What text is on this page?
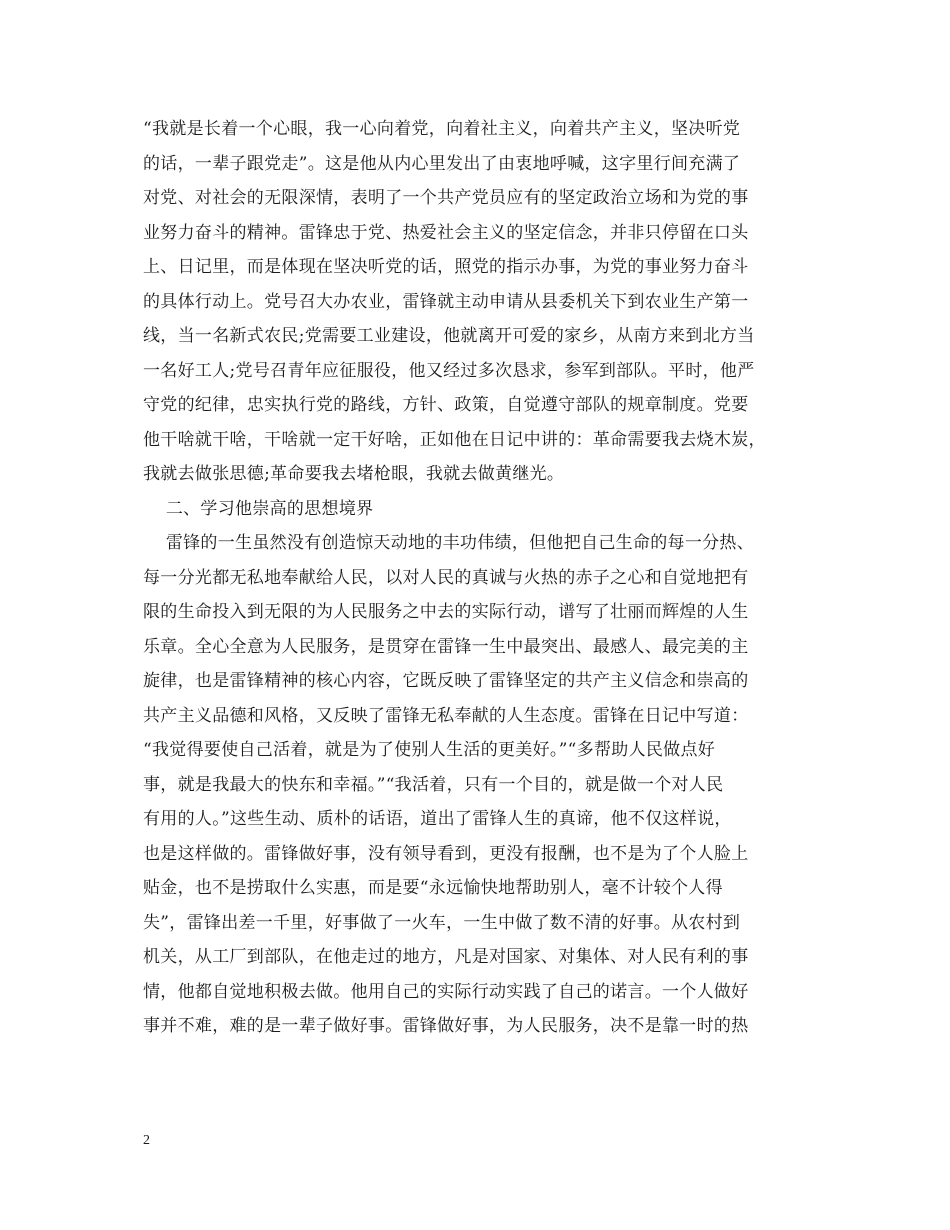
“我就是长着一个心眼，我一心向着党，向着社主义，向着共产主义，坚决听党
的话，一辈子跟党走”。这是他从内心里发出了由衷地呼喊，这字里行间充满了
对党、对社会的无限深情，表明了一个共产党员应有的坚定政治立场和为党的事
业努力奋斗的精神。雷锋忠于党、热爱社会主义的坚定信念，并非只停留在口头
上、日记里，而是体现在坚决听党的话，照党的指示办事，为党的事业努力奋斗
的具体行动上。党号召大办农业，雷锋就主动申请从县委机关下到农业生产第一
线，当一名新式农民;党需要工业建设，他就离开可爱的家乡，从南方来到北方当
一名好工人;党号召青年应征服役，他又经过多次恳求，参军到部队。平时，他严
守党的纪律，忠实执行党的路线，方针、政策，自觉遵守部队的规章制度。党要
他干啥就干啥，干啥就一定干好啥，正如他在日记中讲的：革命需要我去烧木炭，
我就去做张思德;革命要我去堵枪眼，我就去做黄继光。
二、学习他崇高的思想境界
雷锋的一生虽然没有创造惊天动地的丰功伟绩，但他把自己生命的每一分热、
每一分光都无私地奉献给人民，以对人民的真诚与火热的赤子之心和自觉地把有
限的生命投入到无限的为人民服务之中去的实际行动，谱写了壮丽而辉煌的人生
乐章。全心全意为人民服务，是贯穿在雷锋一生中最突出、最感人、最完美的主
旋律，也是雷锋精神的核心内容，它既反映了雷锋坚定的共产主义信念和崇高的
共产主义品德和风格，又反映了雷锋无私奉献的人生态度。雷锋在日记中写道：
“我觉得要使自己活着，就是为了使别人生活的更美好。”“多帮助人民做点好
事，就是我最大的快东和幸福。”“我活着，只有一个目的，就是做一个对人民
有用的人。”这些生动、质朴的话语，道出了雷锋人生的真谛，他不仅这样说，
也是这样做的。雷锋做好事，没有领导看到，更没有报酬，也不是为了个人脸上
贴金，也不是捞取什么实惠，而是要“永远愉快地帮助别人，毫不计较个人得
失”，雷锋出差一千里，好事做了一火车，一生中做了数不清的好事。从农村到
机关，从工厂到部队，在他走过的地方，凡是对国家、对集体、对人民有利的事
情，他都自觉地积极去做。他用自己的实际行动实践了自己的诺言。一个人做好
事并不难，难的是一辈子做好事。雷锋做好事，为人民服务，决不是靠一时的热
2
